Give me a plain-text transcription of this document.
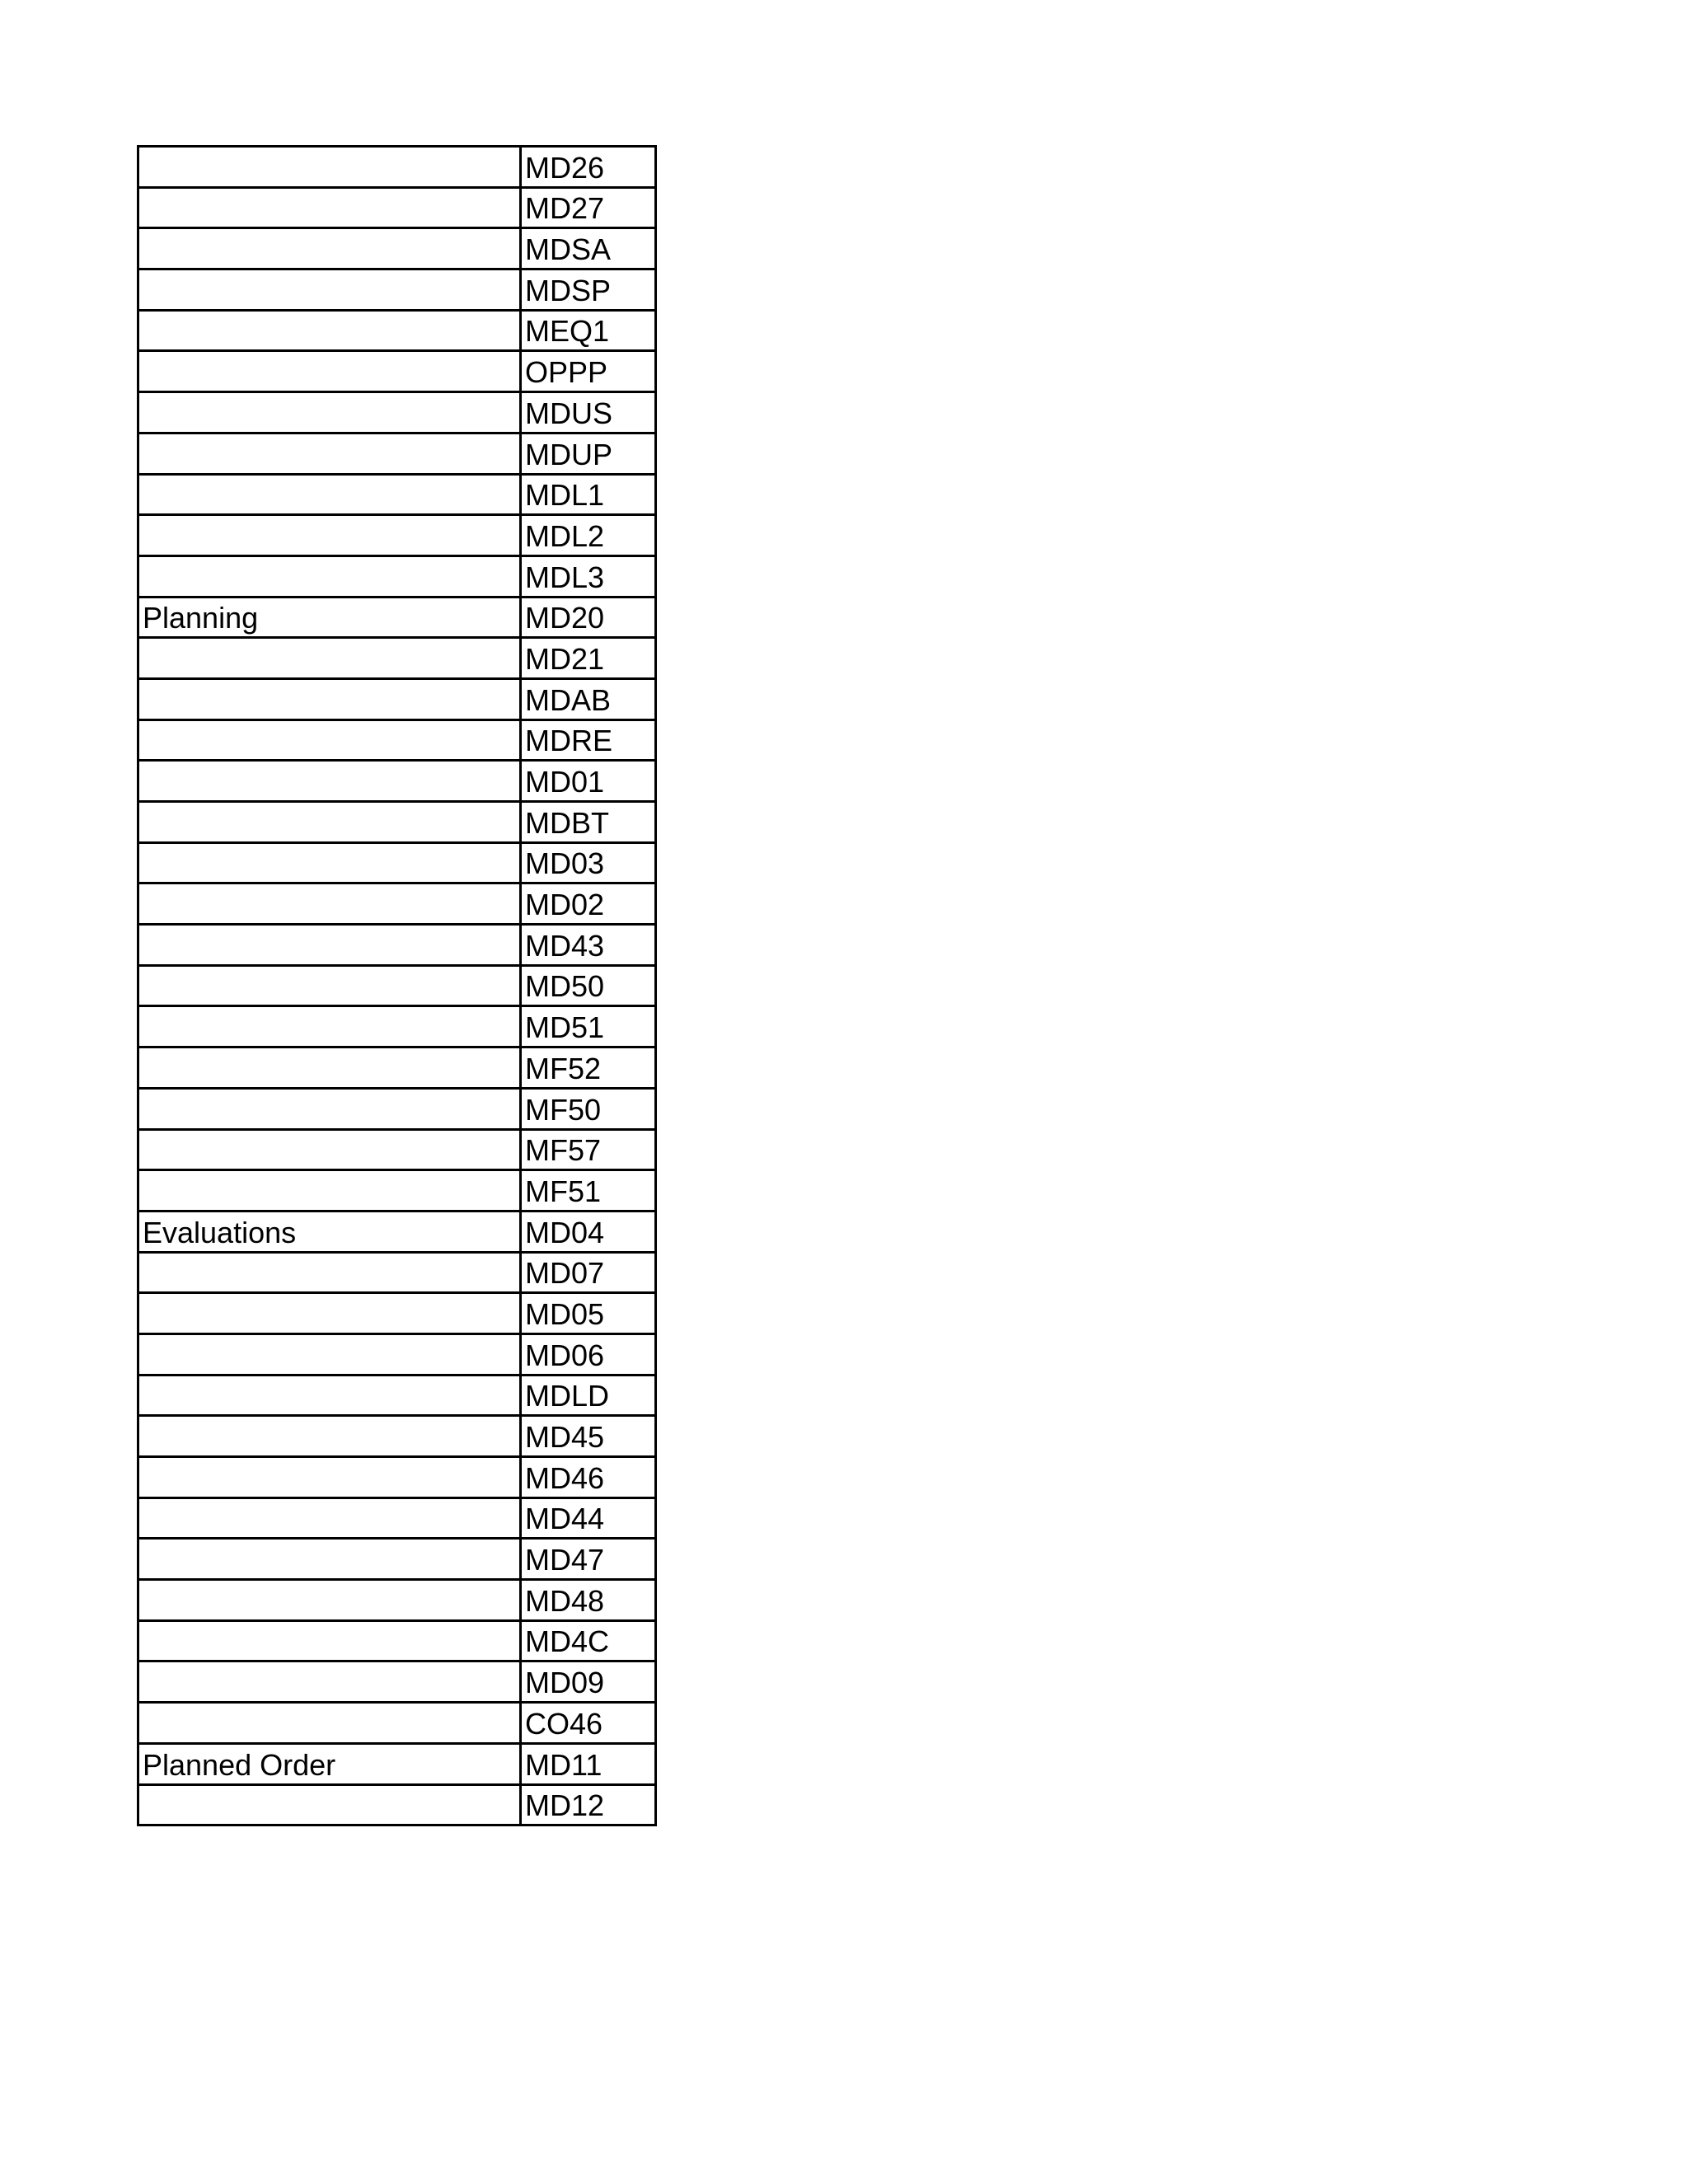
	MD26

	MD27

	MDSA

	MDSP

	MEQ1

	OPPP

	MDUS

	MDUP

	MDL1

	MDL2

	MDL3

Planning	MD20

	MD21

	MDAB

	MDRE

	MD01

	MDBT

	MD03

	MD02

	MD43

	MD50

	MD51

	MF52

	MF50

	MF57

	MF51

Evaluations	MD04

	MD07

	MD05

	MD06

	MDLD

	MD45

	MD46

	MD44

	MD47

	MD48

	MD4C

	MD09

	CO46

Planned Order	MD11

	MD12
